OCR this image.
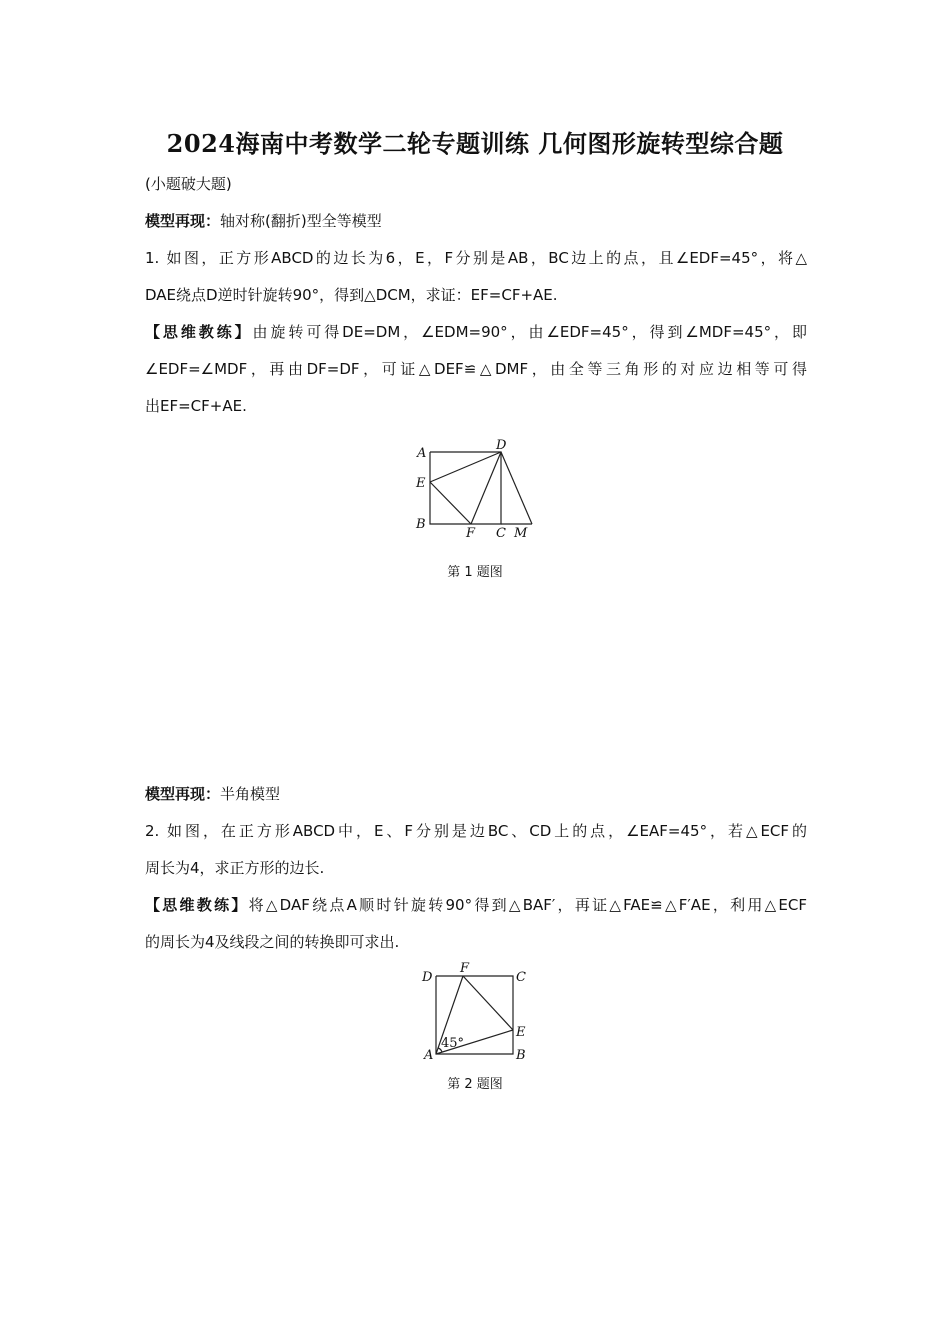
2024海南中考数学二轮专题训练 几何图形旋转型综合题
(小题破大题)
模型再现：轴对称(翻折)型全等模型
1. 如图，正方形ABCD的边长为6，E，F分别是AB，BC边上的点，且∠EDF=45°，将△
DAE绕点D逆时针旋转90°，得到△DCM，求证：EF=CF+AE.
【思维教练】由旋转可得DE=DM，∠EDM=90°，由∠EDF=45°，得到∠MDF=45°，即
∠EDF=∠MDF，再由DF=DF，可证△DEF≌△DMF，由全等三角形的对应边相等可得
出EF=CF+AE.
A
D
E
B
F C M
第 1 题图
模型再现：半角模型
2. 如图，在正方形ABCD中，E、F分别是边BC、CD上的点，∠EAF=45°，若△ECF的
周长为4，求正方形的边长.
【思维教练】将△DAF绕点A顺时针旋转90°得到△BAF′，再证△FAE≌△F′AE，利用△ECF
的周长为4及线段之间的转换即可求出.
D
F
C
E
B
A
45°
第 2 题图
